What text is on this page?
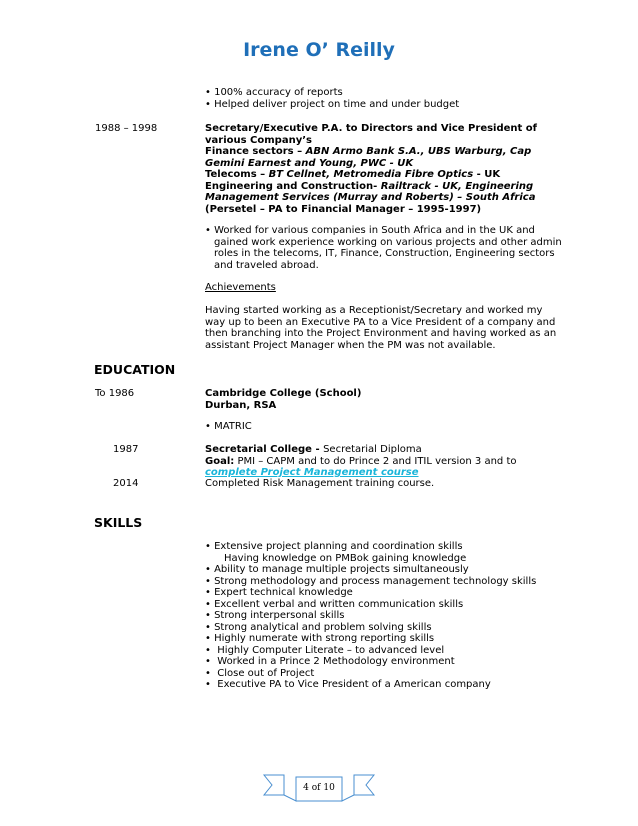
Irene O’ Reilly
• 100% accuracy of reports
• Helped deliver project on time and under budget
1988 – 1998	Secretary/Executive P.A. to Directors and Vice President of
various Company’s
Finance sectors – ABN Armo Bank S.A., UBS Warburg, Cap
Gemini Earnest and Young, PWC - UK
Telecoms – BT Cellnet, Metromedia Fibre Optics - UK
Engineering and Construction- Railtrack - UK, Engineering
Management Services (Murray and Roberts) – South Africa
(Persetel – PA to Financial Manager – 1995-1997)
• Worked for various companies in South Africa and in the UK and
gained work experience working on various projects and other admin
roles in the telecoms, IT, Finance, Construction, Engineering sectors
and traveled abroad.
Achievements
Having started working as a Receptionist/Secretary and worked my
way up to been an Executive PA to a Vice President of a company and
then branching into the Project Environment and having worked as an
assistant Project Manager when the PM was not available.
EDUCATION
To 1986	Cambridge College (School)
Durban, RSA
• MATRIC
1987	Secretarial College - Secretarial Diploma
Goal: PMI – CAPM and to do Prince 2 and ITIL version 3 and to
complete Project Management course
2014	Completed Risk Management training course.
SKILLS
• Extensive project planning and coordination skills
Having knowledge on PMBok gaining knowledge
• Ability to manage multiple projects simultaneously
• Strong methodology and process management technology skills
• Expert technical knowledge
• Excellent verbal and written communication skills
• Strong interpersonal skills
• Strong analytical and problem solving skills
• Highly numerate with strong reporting skills
•  Highly Computer Literate – to advanced level
•  Worked in a Prince 2 Methodology environment
•  Close out of Project
•  Executive PA to Vice President of a American company
4 of 10
